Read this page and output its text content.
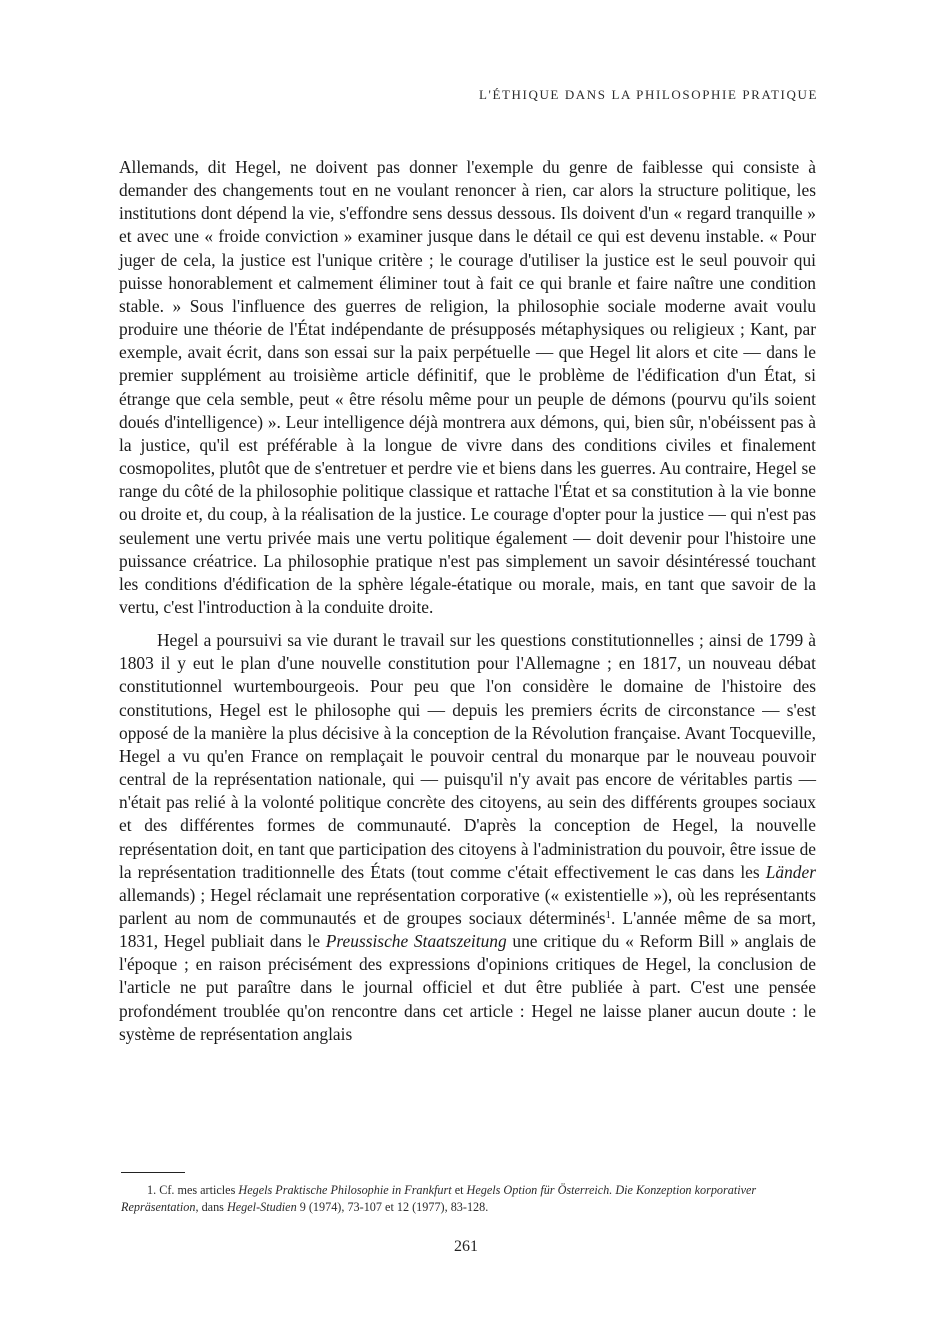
L'ÉTHIQUE DANS LA PHILOSOPHIE PRATIQUE

Allemands, dit Hegel, ne doivent pas donner l'exemple du genre de faiblesse qui consiste à demander des changements tout en ne voulant renoncer à rien, car alors la structure politique, les institutions dont dépend la vie, s'effondre sens dessus dessous. Ils doivent d'un « regard tranquille » et avec une « froide conviction » examiner jusque dans le détail ce qui est devenu instable. « Pour juger de cela, la justice est l'unique critère ; le courage d'utiliser la justice est le seul pouvoir qui puisse honorablement et calmement éliminer tout à fait ce qui branle et faire naître une condition stable. » Sous l'influence des guerres de religion, la philosophie sociale moderne avait voulu produire une théorie de l'État indépendante de présupposés métaphysiques ou religieux ; Kant, par exemple, avait écrit, dans son essai sur la paix perpétuelle — que Hegel lit alors et cite — dans le premier supplément au troisième article définitif, que le problème de l'édification d'un État, si étrange que cela semble, peut « être résolu même pour un peuple de démons (pourvu qu'ils soient doués d'intelligence) ». Leur intelligence déjà montrera aux démons, qui, bien sûr, n'obéissent pas à la justice, qu'il est préférable à la longue de vivre dans des conditions civiles et finalement cosmopolites, plutôt que de s'entretuer et perdre vie et biens dans les guerres. Au contraire, Hegel se range du côté de la philosophie politique classique et rattache l'État et sa constitution à la vie bonne ou droite et, du coup, à la réalisation de la justice. Le courage d'opter pour la justice — qui n'est pas seulement une vertu privée mais une vertu politique également — doit devenir pour l'histoire une puissance créatrice. La philosophie pratique n'est pas simplement un savoir désintéressé touchant les conditions d'édification de la sphère légale-étatique ou morale, mais, en tant que savoir de la vertu, c'est l'introduction à la conduite droite.

Hegel a poursuivi sa vie durant le travail sur les questions constitutionnelles ; ainsi de 1799 à 1803 il y eut le plan d'une nouvelle constitution pour l'Allemagne ; en 1817, un nouveau débat constitutionnel wurtembourgeois. Pour peu que l'on considère le domaine de l'histoire des constitutions, Hegel est le philosophe qui — depuis les premiers écrits de circonstance — s'est opposé de la manière la plus décisive à la conception de la Révolution française. Avant Tocqueville, Hegel a vu qu'en France on remplaçait le pouvoir central du monarque par le nouveau pouvoir central de la représentation nationale, qui — puisqu'il n'y avait pas encore de véritables partis — n'était pas relié à la volonté politique concrète des citoyens, au sein des différents groupes sociaux et des différentes formes de communauté. D'après la conception de Hegel, la nouvelle représentation doit, en tant que participation des citoyens à l'administration du pouvoir, être issue de la représentation traditionnelle des États (tout comme c'était effectivement le cas dans les Länder allemands) ; Hegel réclamait une représentation corporative (« existentielle »), où les représentants parlent au nom de communautés et de groupes sociaux déterminés$^1$. L'année même de sa mort, 1831, Hegel publiait dans le Preussische Staatszeitung une critique du « Reform Bill » anglais de l'époque ; en raison précisément des expressions d'opinions critiques de Hegel, la conclusion de l'article ne put paraître dans le journal officiel et dut être publiée à part. C'est une pensée profondément troublée qu'on rencontre dans cet article : Hegel ne laisse planer aucun doute : le système de représentation anglais

1. Cf. mes articles Hegels Praktische Philosophie in Frankfurt et Hegels Option für Österreich. Die Konzeption korporativer Repräsentation, dans Hegel-Studien 9 (1974), 73-107 et 12 (1977), 83-128.
261
